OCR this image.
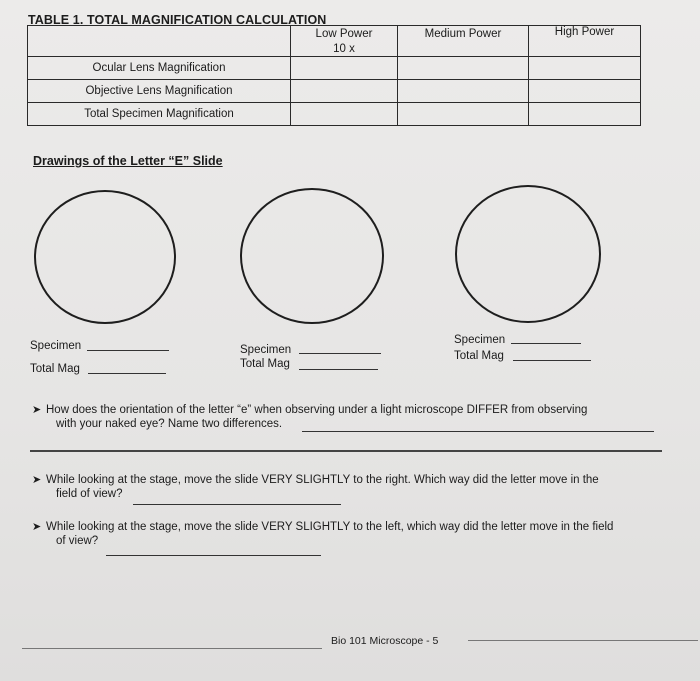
TABLE 1. TOTAL MAGNIFICATION CALCULATION

	Low Power
10 x	Medium Power	High Power

Ocular Lens Magnification			
Objective Lens Magnification			
Total Specimen Magnification			
Drawings of the Letter “E” Slide
Specimen
Total Mag
Specimen
Total Mag
Specimen
Total Mag
➤ How does the orientation of the letter “e” when observing under a light microscope DIFFER from observing
with your naked eye? Name two differences.
➤ While looking at the stage, move the slide VERY SLIGHTLY to the right. Which way did the letter move in the
field of view?
➤ While looking at the stage, move the slide VERY SLIGHTLY to the left, which way did the letter move in the field
of view?
Bio 101 Microscope - 5
